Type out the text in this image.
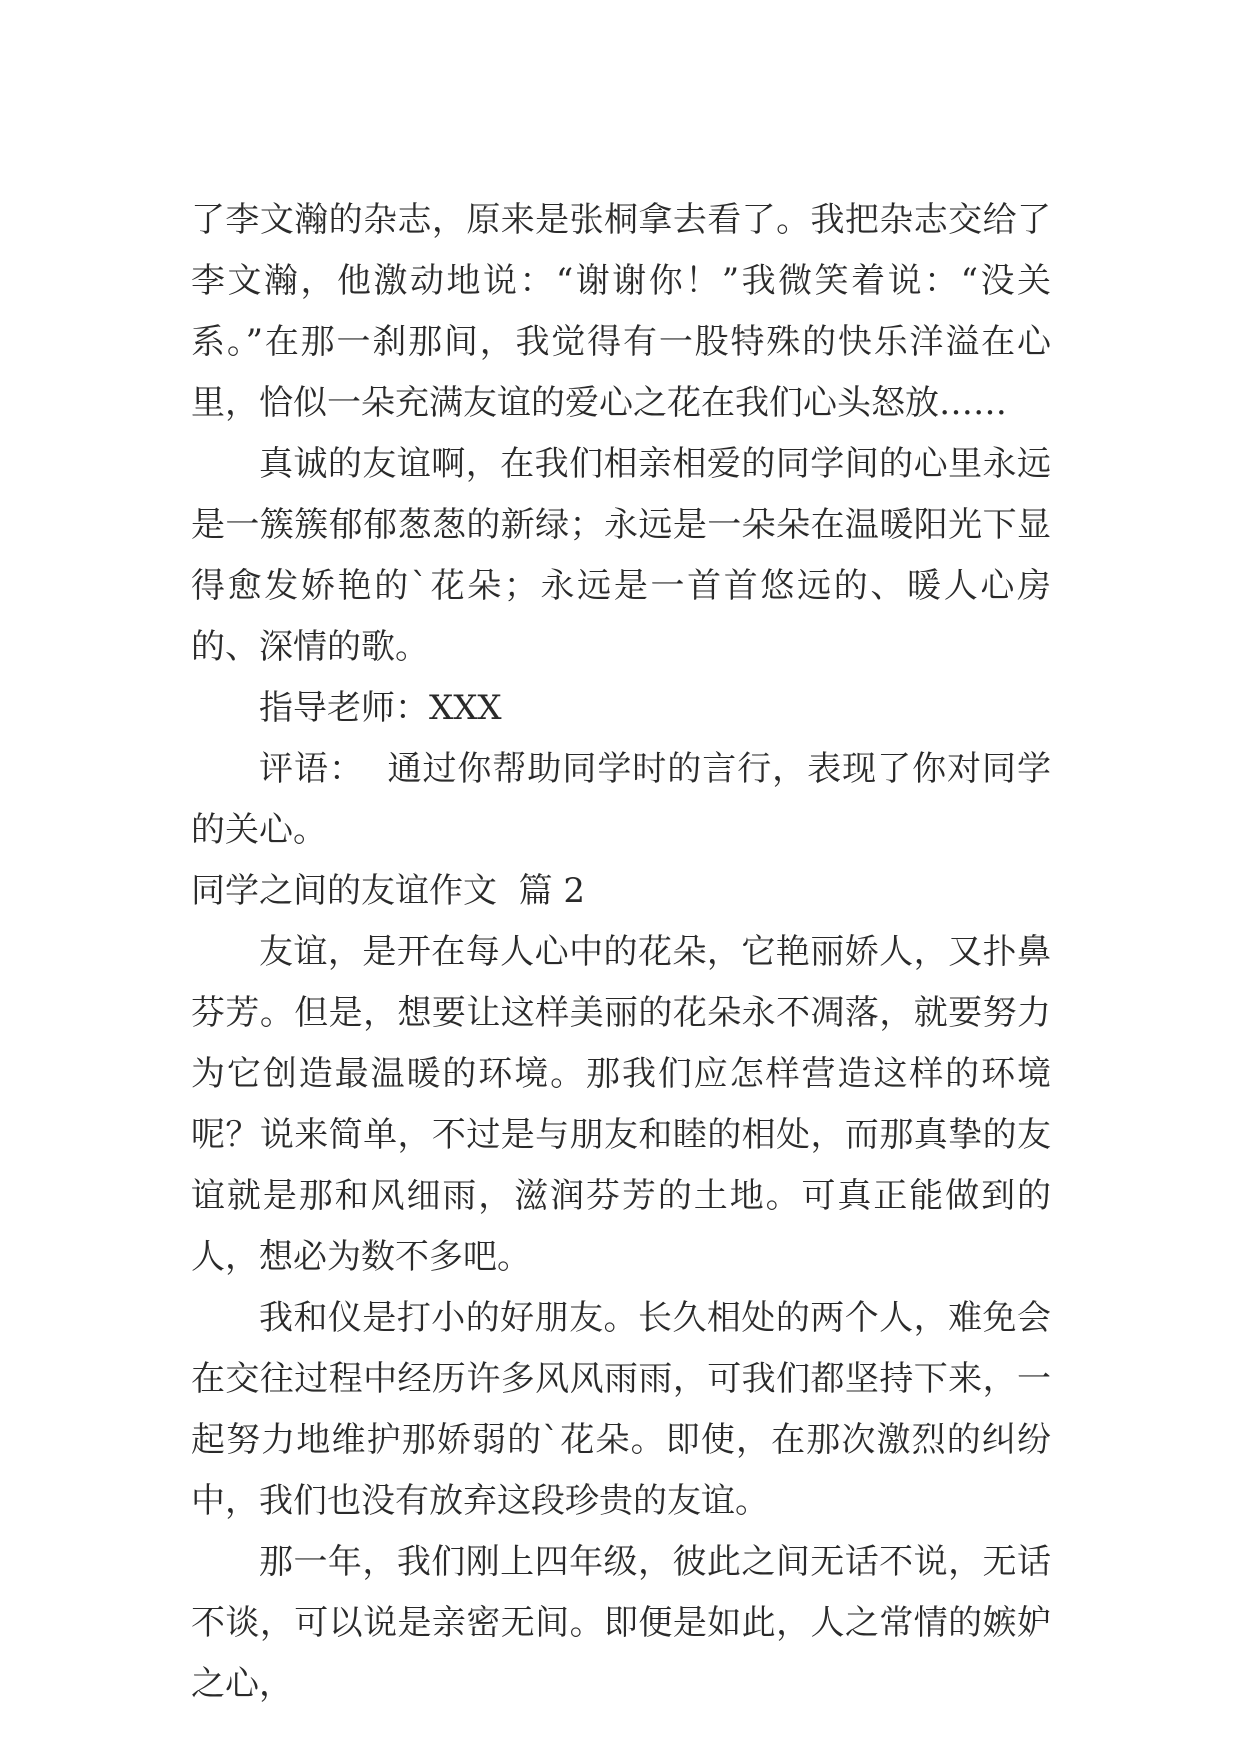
了李文瀚的杂志，原来是张桐拿去看了。我把杂志交给了李文瀚，他激动地说：“谢谢你！”我微笑着说：“没关系。”在那一刹那间，我觉得有一股特殊的快乐洋溢在心里，恰似一朵充满友谊的爱心之花在我们心头怒放……

真诚的友谊啊，在我们相亲相爱的同学间的心里永远是一簇簇郁郁葱葱的新绿；永远是一朵朵在温暖阳光下显得愈发娇艳的`花朵；永远是一首首悠远的、暖人心房的、深情的歌。

指导老师：XXX

评语：  通过你帮助同学时的言行，表现了你对同学的关心。

同学之间的友谊作文  篇 2

友谊，是开在每人心中的花朵，它艳丽娇人，又扑鼻芬芳。但是，想要让这样美丽的花朵永不凋落，就要努力为它创造最温暖的环境。那我们应怎样营造这样的环境呢？说来简单，不过是与朋友和睦的相处，而那真挚的友谊就是那和风细雨，滋润芬芳的土地。可真正能做到的人，想必为数不多吧。

我和仪是打小的好朋友。长久相处的两个人，难免会在交往过程中经历许多风风雨雨，可我们都坚持下来，一起努力地维护那娇弱的`花朵。即使，在那次激烈的纠纷中，我们也没有放弃这段珍贵的友谊。

那一年，我们刚上四年级，彼此之间无话不说，无话不谈，可以说是亲密无间。即便是如此，人之常情的嫉妒之心，
